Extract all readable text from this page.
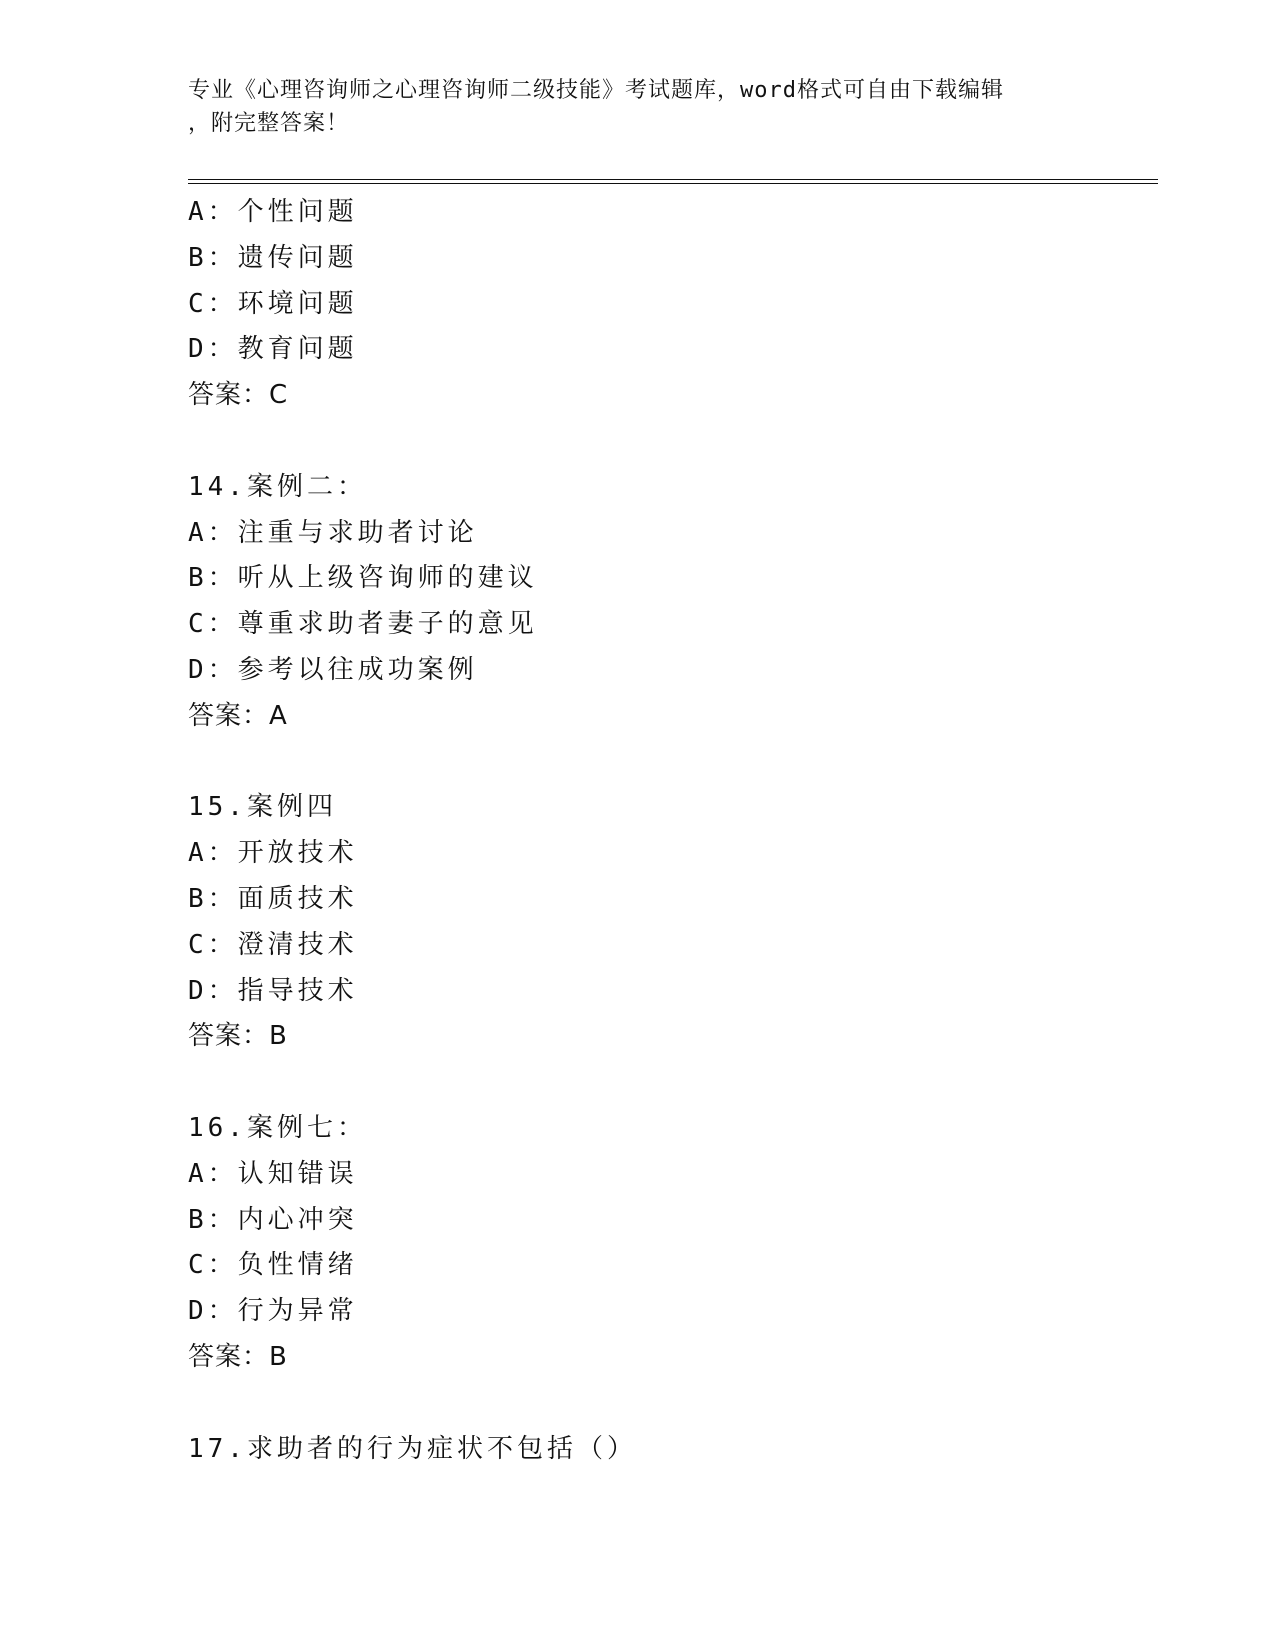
专业《心理咨询师之心理咨询师二级技能》考试题库，word格式可自由下载编辑
，附完整答案！
A：个性问题
B：遗传问题
C：环境问题
D：教育问题
答案：C
14.案例二：
A：注重与求助者讨论
B：听从上级咨询师的建议
C：尊重求助者妻子的意见
D：参考以往成功案例
答案：A
15.案例四
A：开放技术
B：面质技术
C：澄清技术
D：指导技术
答案：B
16.案例七：
A：认知错误
B：内心冲突
C：负性情绪
D：行为异常
答案：B
17.求助者的行为症状不包括（）
